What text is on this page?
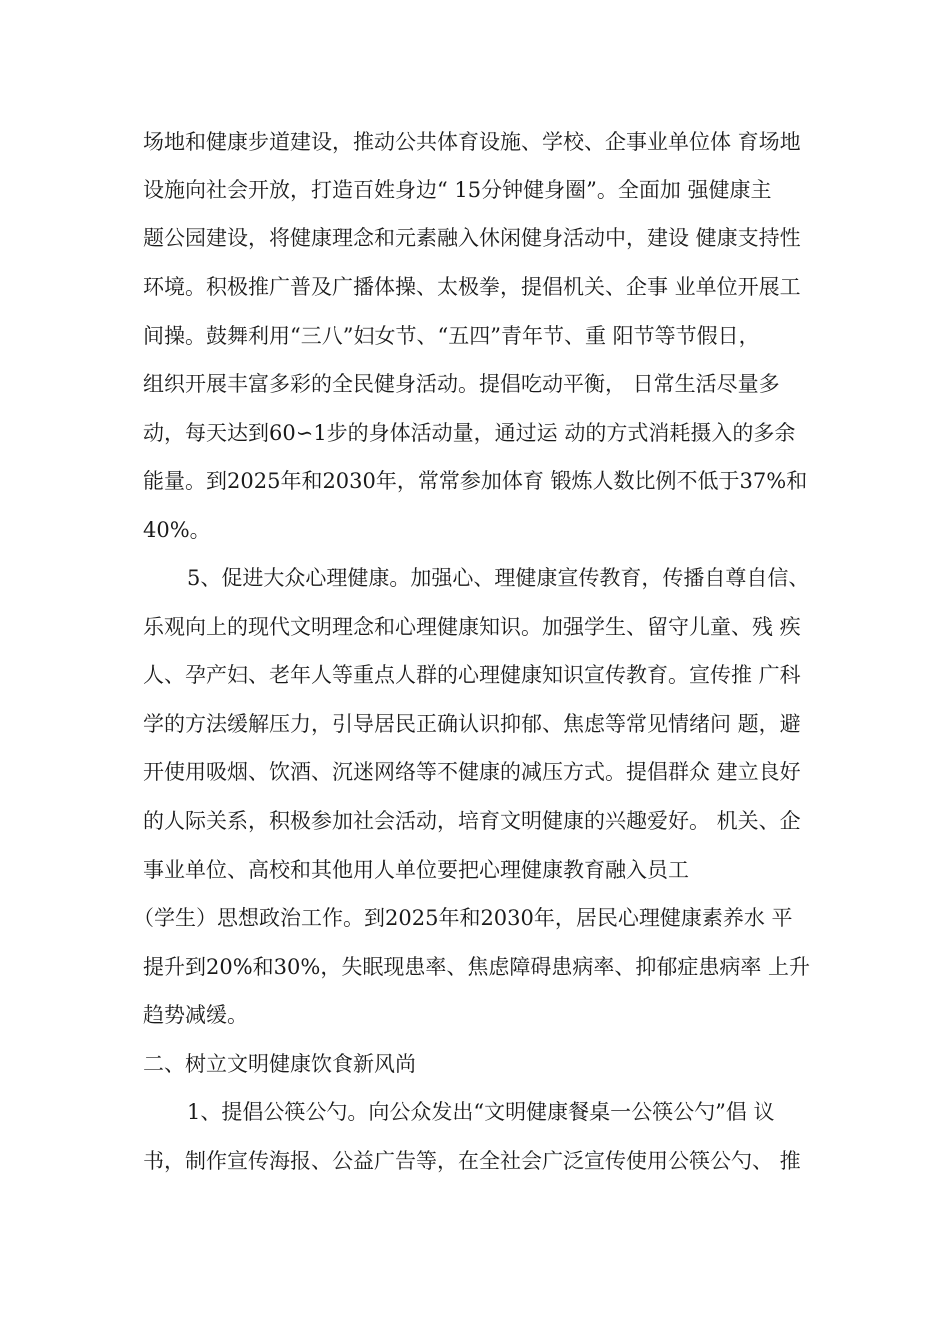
场地和健康步道建设，推动公共体育设施、学校、企事业单位体 育场地
设施向社会开放，打造百姓身边“ 15分钟健身圈”。全面加 强健康主
题公园建设，将健康理念和元素融入休闲健身活动中，建设 健康支持性
环境。积极推广普及广播体操、太极拳，提倡机关、企事 业单位开展工
间操。鼓舞利用“三八”妇女节、“五四”青年节、重 阳节等节假日，
组织开展丰富多彩的全民健身活动。提倡吃动平衡， 日常生活尽量多
动，每天达到60∽1步的身体活动量，通过运 动的方式消耗摄入的多余
能量。到2025年和2030年，常常参加体育 锻炼人数比例不低于37%和
40%。
5、促进大众心理健康。加强心、理健康宣传教育，传播自尊自信、
乐观向上的现代文明理念和心理健康知识。加强学生、留守儿童、残 疾
人、孕产妇、老年人等重点人群的心理健康知识宣传教育。宣传推 广科
学的方法缓解压力，引导居民正确认识抑郁、焦虑等常见情绪问 题，避
开使用吸烟、饮酒、沉迷网络等不健康的减压方式。提倡群众 建立良好
的人际关系，积极参加社会活动，培育文明健康的兴趣爱好。 机关、企
事业单位、高校和其他用人单位要把心理健康教育融入员工
（学生）思想政治工作。到2025年和2030年，居民心理健康素养水 平
提升到20%和30%，失眠现患率、焦虑障碍患病率、抑郁症患病率 上升
趋势减缓。
二、树立文明健康饮食新风尚
1、提倡公筷公勺。向公众发出“文明健康餐桌一公筷公勺”倡 议
书，制作宣传海报、公益广告等，在全社会广泛宣传使用公筷公勺、 推
